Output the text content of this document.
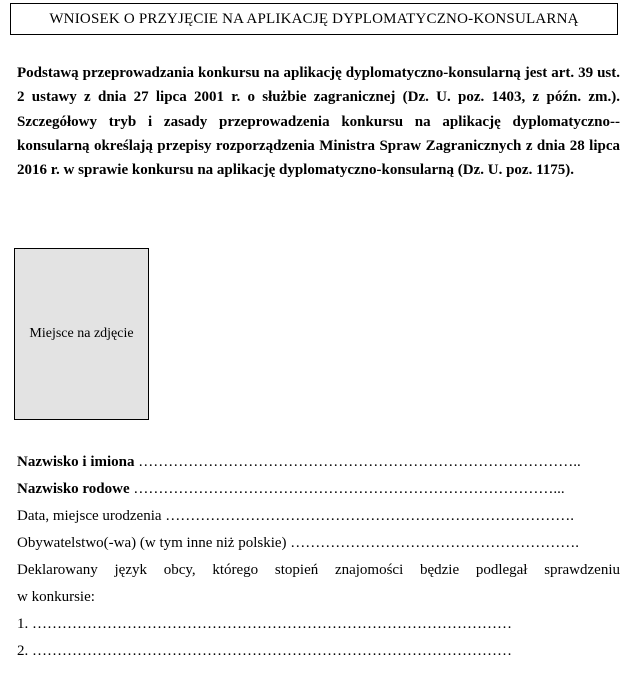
WNIOSEK O PRZYJĘCIE NA APLIKACJĘ DYPLOMATYCZNO-KONSULARNĄ

Podstawą przeprowadzania konkursu na aplikację dyplomatyczno-konsularną jest art. 39 ust. 2 ustawy z dnia 27 lipca 2001 r. o służbie zagranicznej (Dz. U. poz. 1403, z późn. zm.). Szczegółowy tryb i zasady przeprowadzenia konkursu na aplikację dyplomatyczno--konsularną określają przepisy rozporządzenia Ministra Spraw Zagranicznych z dnia 28 lipca 2016 r. w sprawie konkursu na aplikację dyplomatyczno-konsularną (Dz. U. poz. 1175).

Miejsce na zdjęcie
Nazwisko i imiona ……………………………………………………………………………..
Nazwisko rodowe …………………………………………………………………………...
Data, miejsce urodzenia ……………………………………………………………………….
Obywatelstwo(-wa) (w tym inne niż polskie) ………………………………………………….
Deklarowany język obcy, którego stopień znajomości będzie podlegał sprawdzeniu
w konkursie:
1. ……………………………………………………………………………………
2. ……………………………………………………………………………………
